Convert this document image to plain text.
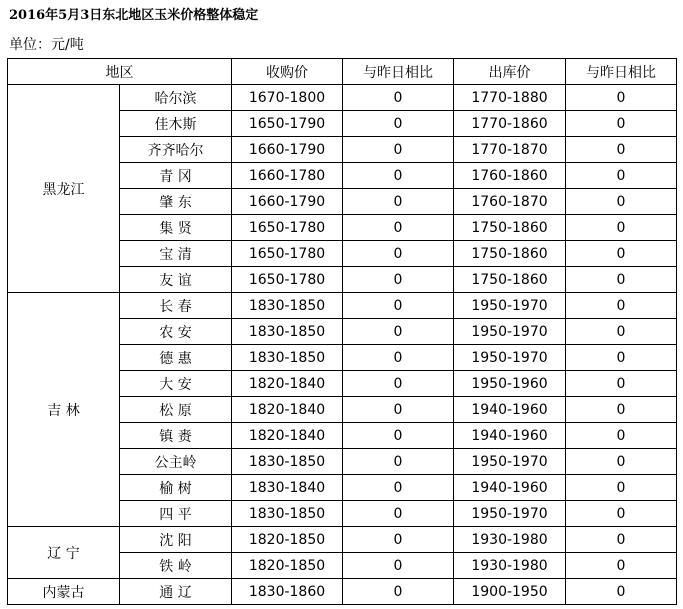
2016年5月3日东北地区玉米价格整体稳定
单位：元/吨
地区		收购价	与昨日相比	出库价	与昨日相比
黑龙江	哈尔滨	1670-1800	0	1770-1880	0
	佳木斯	1650-1790	0	1770-1860	0
	齐齐哈尔	1660-1790	0	1770-1870	0
	青 冈	1660-1780	0	1760-1860	0
	肇 东	1660-1790	0	1760-1870	0
	集 贤	1650-1780	0	1750-1860	0
	宝 清	1650-1780	0	1750-1860	0
	友 谊	1650-1780	0	1750-1860	0
吉 林	长 春	1830-1850	0	1950-1970	0
	农 安	1830-1850	0	1950-1970	0
	德 惠	1830-1850	0	1950-1970	0
	大 安	1820-1840	0	1950-1960	0
	松 原	1820-1840	0	1940-1960	0
	镇 赉	1820-1840	0	1940-1960	0
	公主岭	1830-1850	0	1950-1970	0
	榆 树	1830-1840	0	1940-1960	0
	四 平	1830-1850	0	1950-1970	0
辽 宁	沈 阳	1820-1850	0	1930-1980	0
	铁 岭	1820-1850	0	1930-1980	0
内蒙古	通 辽	1830-1860	0	1900-1950	0
